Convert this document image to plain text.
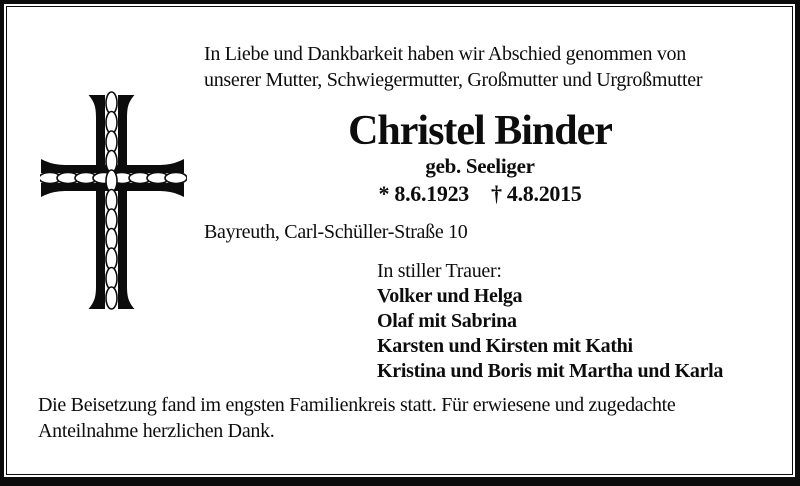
In Liebe und Dankbarkeit haben wir Abschied genommen von
unserer Mutter, Schwiegermutter, Großmutter und Urgroßmutter
Christel Binder
geb. Seeliger
* 8.6.1923 † 4.8.2015
Bayreuth, Carl-Schüller-Straße 10
In stiller Trauer:
Volker und Helga
Olaf mit Sabrina
Karsten und Kirsten mit Kathi
Kristina und Boris mit Martha und Karla
Die Beisetzung fand im engsten Familienkreis statt. Für erwiesene und zugedachte
Anteilnahme herzlichen Dank.
